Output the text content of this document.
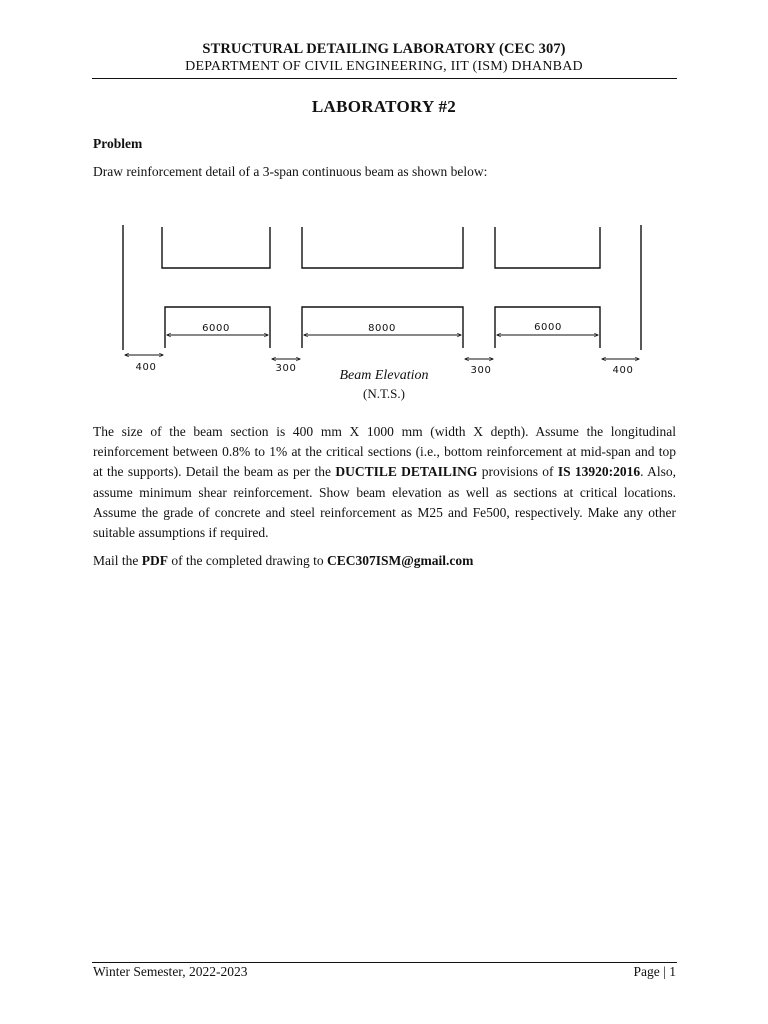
STRUCTURAL DETAILING LABORATORY (CEC 307)
DEPARTMENT OF CIVIL ENGINEERING, IIT (ISM) DHANBAD
LABORATORY #2
Problem
Draw reinforcement detail of a 3-span continuous beam as shown below:
6000	8000	6000
400	300	300	400
Beam Elevation
(N.T.S.)
The size of the beam section is 400 mm X 1000 mm (width X depth). Assume the longitudinal reinforcement between 0.8% to 1% at the critical sections (i.e., bottom reinforcement at mid-span and top at the supports). Detail the beam as per the DUCTILE DETAILING provisions of IS 13920:2016. Also, assume minimum shear reinforcement. Show beam elevation as well as sections at critical locations. Assume the grade of concrete and steel reinforcement as M25 and Fe500, respectively. Make any other suitable assumptions if required.
Mail the PDF of the completed drawing to CEC307ISM@gmail.com
Winter Semester, 2022-2023	Page | 1
